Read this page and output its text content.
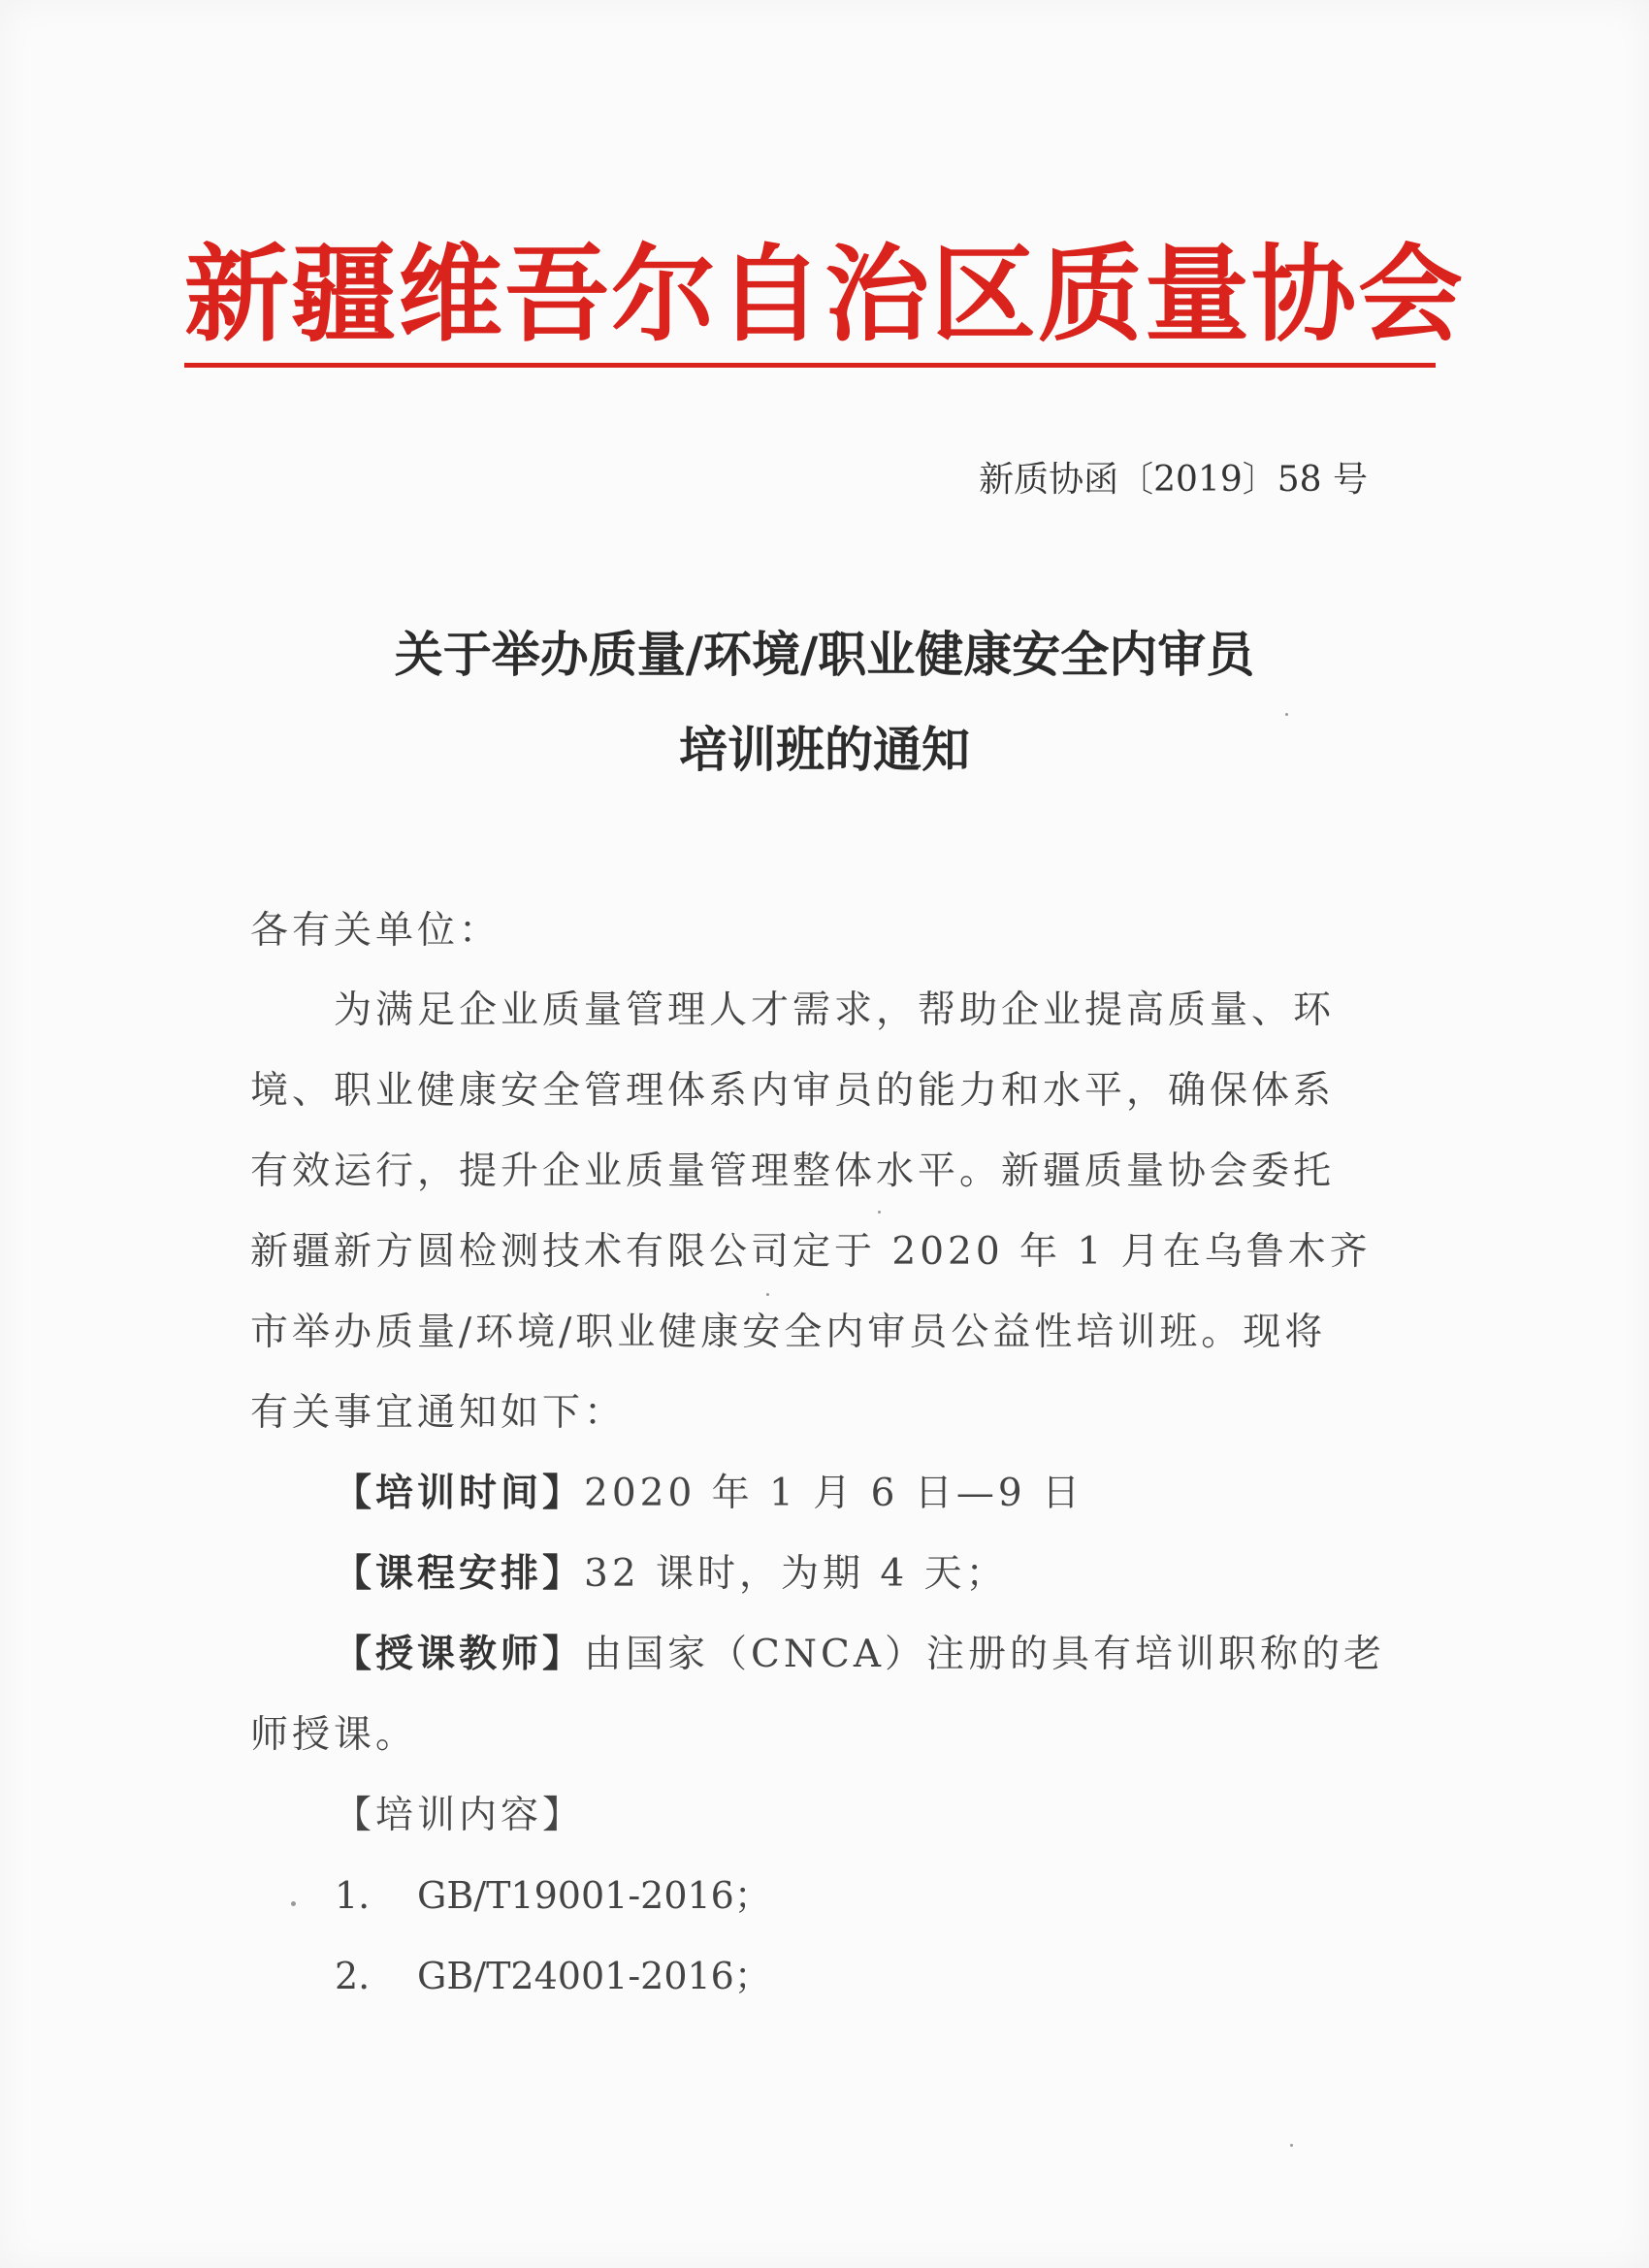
新疆维吾尔自治区质量协会
新质协函〔2019〕58 号
关于举办质量/环境/职业健康安全内审员
培训班的通知
各有关单位：
为满足企业质量管理人才需求，帮助企业提高质量、环
境、职业健康安全管理体系内审员的能力和水平，确保体系
有效运行，提升企业质量管理整体水平。新疆质量协会委托
新疆新方圆检测技术有限公司定于 2020 年 1 月在乌鲁木齐
市举办质量/环境/职业健康安全内审员公益性培训班。现将
有关事宜通知如下：
【培训时间】2020 年 1 月 6 日—9 日
【课程安排】32 课时，为期 4 天；
【授课教师】由国家（CNCA）注册的具有培训职称的老
师授课。
【培训内容】
1. GB/T19001-2016；
2. GB/T24001-2016；
